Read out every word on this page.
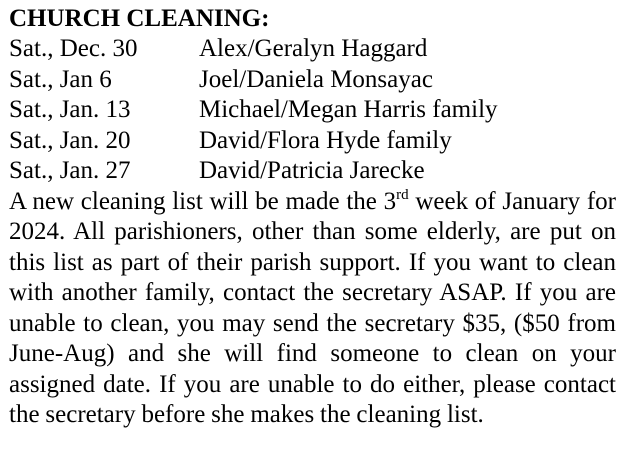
CHURCH CLEANING:
Sat., Dec. 30	Alex/Geralyn Haggard
Sat., Jan 6	Joel/Daniela Monsayac
Sat., Jan. 13	Michael/Megan Harris family
Sat., Jan. 20	David/Flora Hyde family
Sat., Jan. 27	David/Patricia Jarecke

A new cleaning list will be made the 3rd week of January for 2024. All parishioners, other than some elderly, are put on this list as part of their parish support. If you want to clean with another family, contact the secretary ASAP. If you are unable to clean, you may send the secretary $35, ($50 from June-Aug) and she will find someone to clean on your assigned date. If you are unable to do either, please contact the secretary before she makes the cleaning list.
